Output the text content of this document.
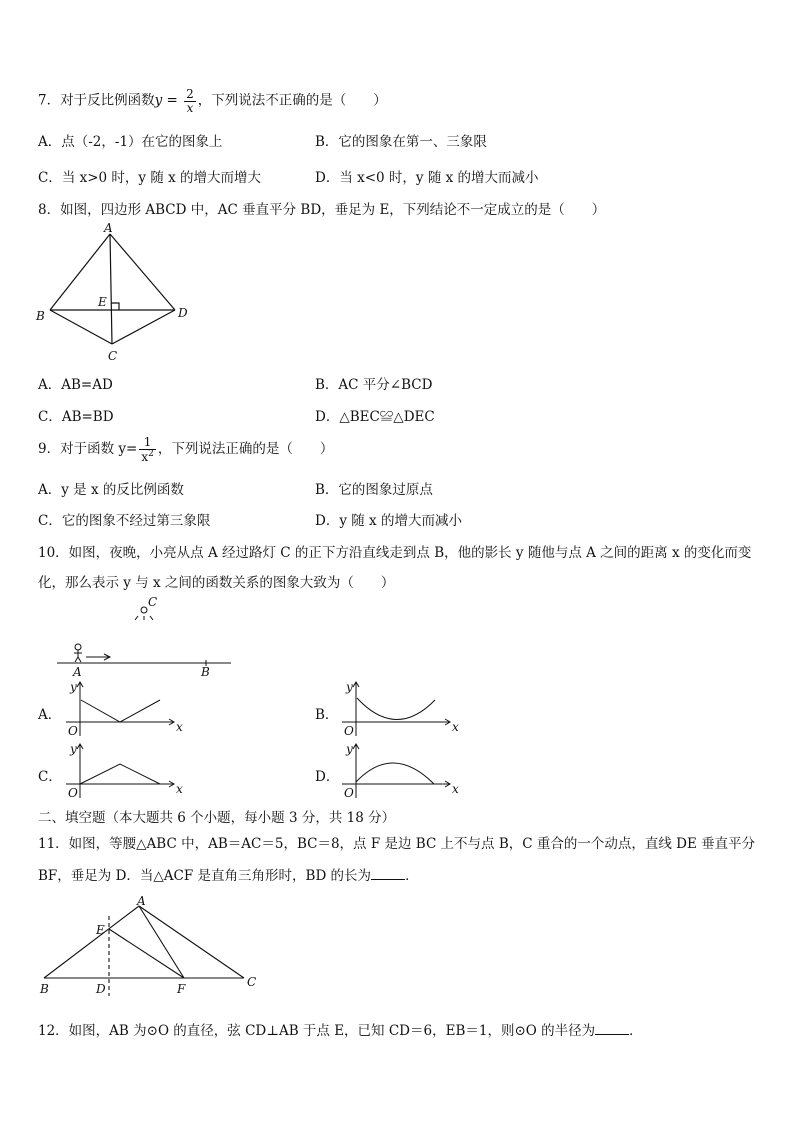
7．对于反比例函数$y = \frac{2}{x}$ ，下列说法不正确的是（　　）
A．点（-2，-1）在它的图象上	B．它的图象在第一、三象限
C．当 x>0 时，y 随 x 的增大而增大	D．当 x<0 时，y 随 x 的增大而减小
8．如图，四边形 ABCD 中，AC 垂直平分 BD，垂足为 E，下列结论不一定成立的是（　　）
A
B	D
C
E
A．AB=AD	B．AC 平分∠BCD
C．AB=BD	D．△BEC≌△DEC
9．对于函数 $y= \frac{1}{x^2}$ ，下列说法正确的是（　　）
A．y 是 x 的反比例函数	B．它的图象过原点
C．它的图象不经过第三象限	D．y 随 x 的增大而减小
10．如图，夜晚，小亮从点 A 经过路灯 C 的正下方沿直线走到点 B，他的影长 y 随他与点 A 之间的距离 x 的变化而变
化，那么表示 y 与 x 之间的函数关系的图象大致为（　　）
C
A	B
A．
y
x
O
B．
y
x
O
C．
y
x
O
D．
y
x
O
二、填空题（本大题共 6 个小题，每小题 3 分，共 18 分）
11．如图，等腰△ABC 中，AB＝AC＝5，BC＝8，点 F 是边 BC 上不与点 B，C 重合的一个动点，直线 DE 垂直平分
BF，垂足为 D．当△ACF 是直角三角形时，BD 的长为	．
A
E
B	D	F	C
12．如图，AB 为⊙O 的直径，弦 CD⊥AB 于点 E，已知 CD＝6，EB＝1，则⊙O 的半径为	．
